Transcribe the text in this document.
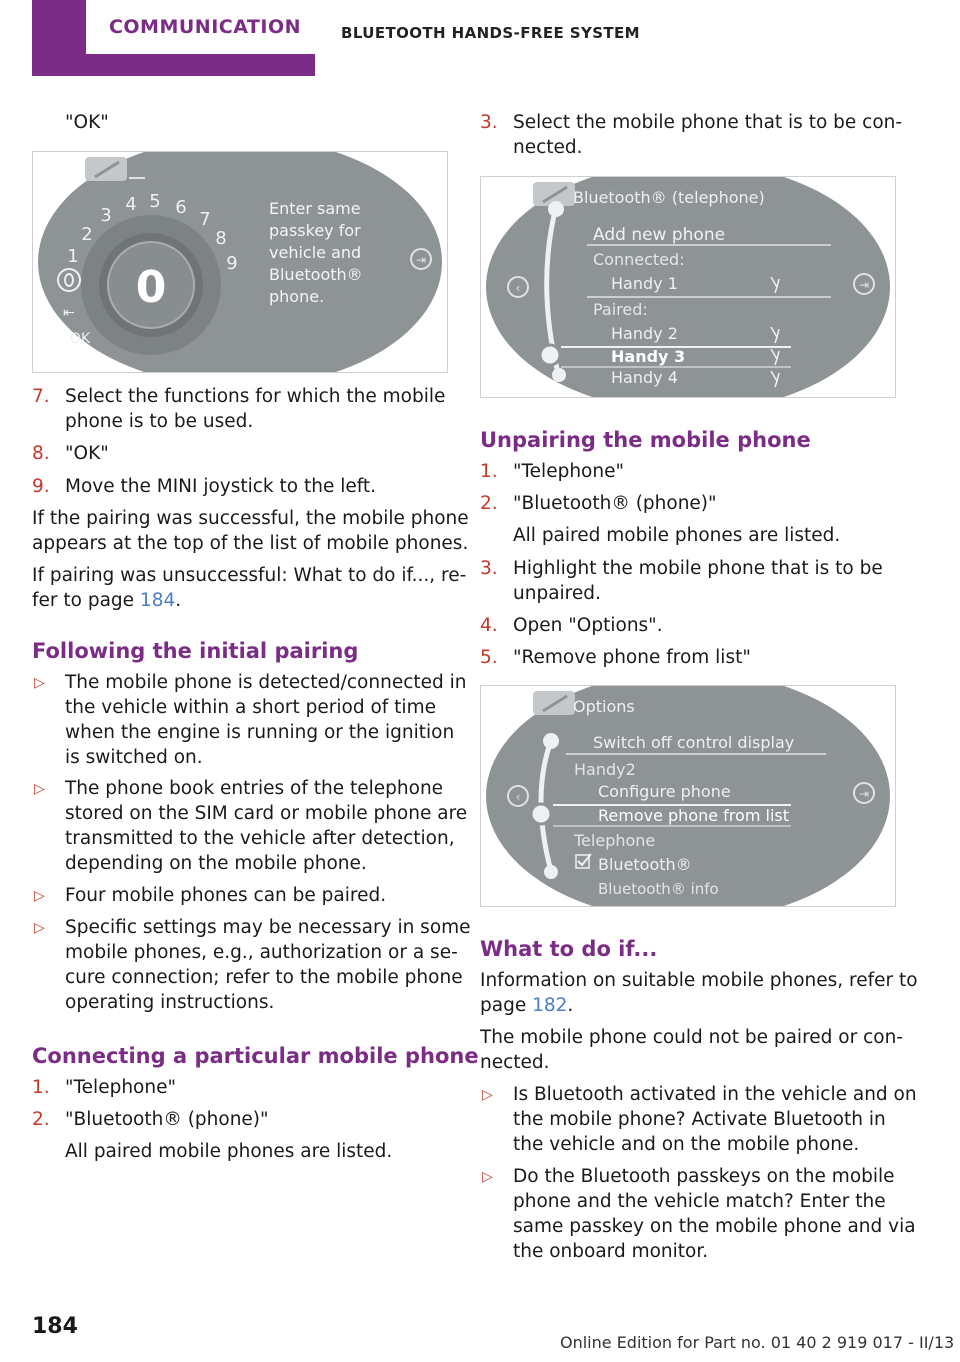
COMMUNICATION	BLUETOOTH HANDS-FREE SYSTEM
"OK"
0
1
2
3
4 5 6
7
8
9
⇤
OK
Enter same
passkey for
vehicle and
Bluetooth®
phone.
⇥
7. Select the functions for which the mobile
phone is to be used.
8. "OK"
9. Move the MINI joystick to the left.
If the pairing was successful, the mobile phone
appears at the top of the list of mobile phones.
If pairing was unsuccessful: What to do if..., re‐
fer to page 184.
Following the initial pairing
▷ The mobile phone is detected/connected in
the vehicle within a short period of time
when the engine is running or the ignition
is switched on.
▷ The phone book entries of the telephone
stored on the SIM card or mobile phone are
transmitted to the vehicle after detection,
depending on the mobile phone.
▷ Four mobile phones can be paired.
▷ Specific settings may be necessary in some
mobile phones, e.g., authorization or a se‐
cure connection; refer to the mobile phone
operating instructions.
Connecting a particular mobile phone
1. "Telephone"
2. "Bluetooth® (phone)"
All paired mobile phones are listed.
3. Select the mobile phone that is to be con‐
nected.
Bluetooth® (telephone)
Add new phone
Connected:
Handy 1
Paired:
Handy 2
Handy 3
Handy 4
‹	⇥
Unpairing the mobile phone
1. "Telephone"
2. "Bluetooth® (phone)"
All paired mobile phones are listed.
3. Highlight the mobile phone that is to be
unpaired.
4. Open "Options".
5. "Remove phone from list"
Options
Switch off control display
Handy2
Configure phone
Remove phone from list
Telephone
Bluetooth®
Bluetooth® info
‹	⇥
What to do if...
Information on suitable mobile phones, refer to
page 182.
The mobile phone could not be paired or con‐
nected.
▷ Is Bluetooth activated in the vehicle and on
the mobile phone? Activate Bluetooth in
the vehicle and on the mobile phone.
▷ Do the Bluetooth passkeys on the mobile
phone and the vehicle match? Enter the
same passkey on the mobile phone and via
the onboard monitor.
184
Online Edition for Part no. 01 40 2 919 017 - II/13
